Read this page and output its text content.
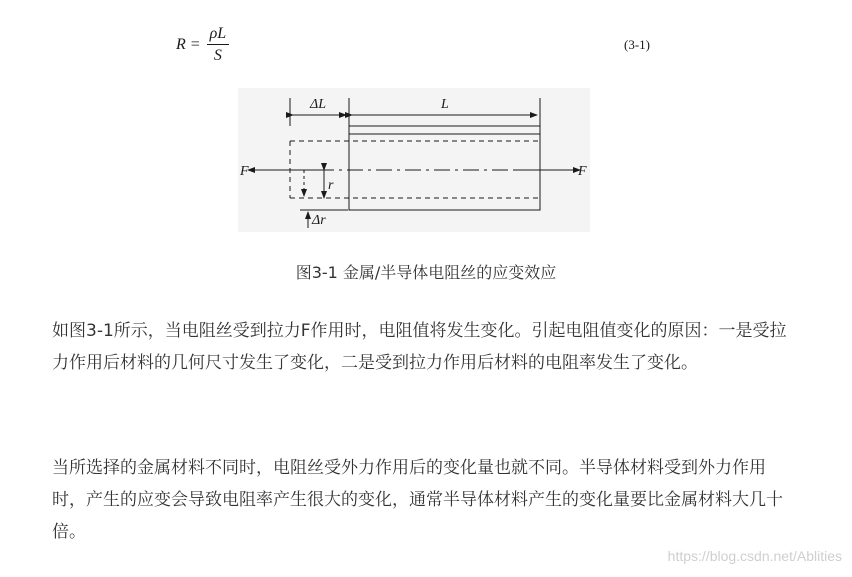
$R = \frac{\rho L}{S}$	(3-1)
ΔL	L
F	F
r
Δr
图3-1 金属/半导体电阻丝的应变效应

如图3-1所示，当电阻丝受到拉力F作用时，电阻值将发生变化。引起电阻值变化的原因：一是受拉力作用后材料的几何尺寸发生了变化，二是受到拉力作用后材料的电阻率发生了变化。

当所选择的金属材料不同时，电阻丝受外力作用后的变化量也就不同。半导体材料受到外力作用时，产生的应变会导致电阻率产生很大的变化，通常半导体材料产生的变化量要比金属材料大几十倍。

https://blog.csdn.net/Ablities
